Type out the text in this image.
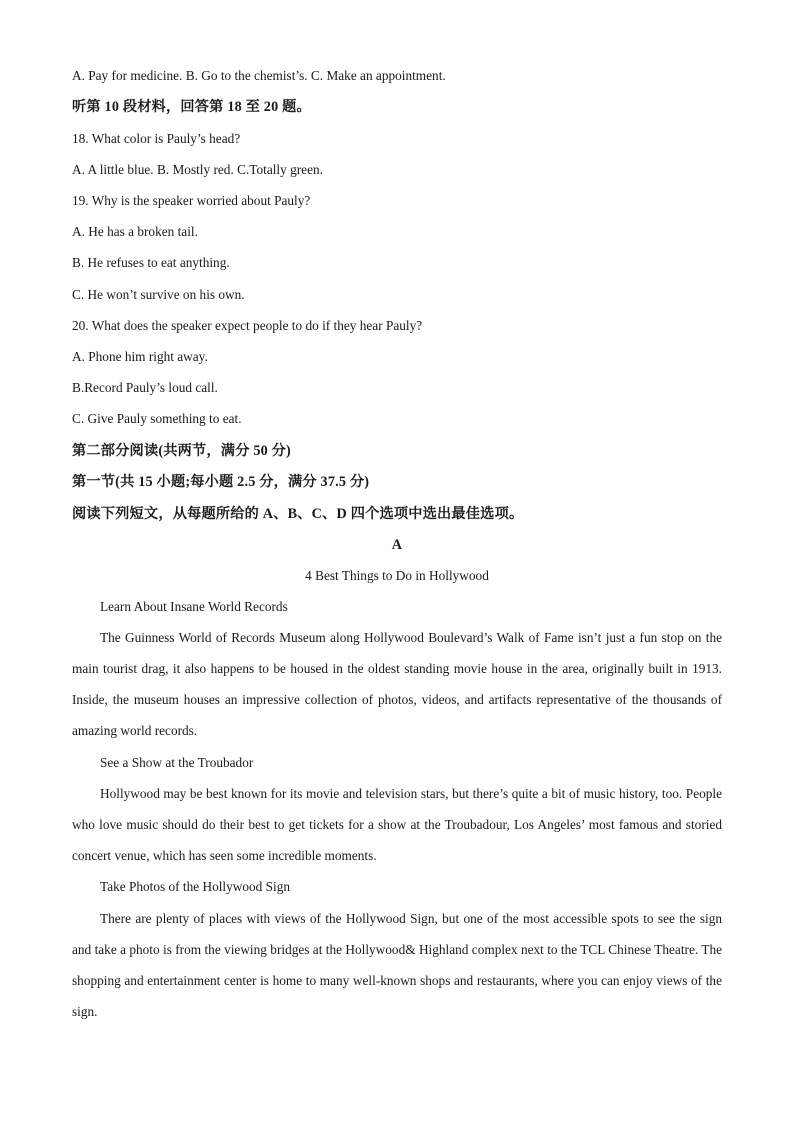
A. Pay for medicine. B. Go to the chemist’s. C. Make an appointment.
听第 10 段材料，回答第 18 至 20 题。
18. What color is Pauly’s head?
A. A little blue. B. Mostly red. C.Totally green.
19. Why is the speaker worried about Pauly?
A. He has a broken tail.
B. He refuses to eat anything.
C. He won’t survive on his own.
20. What does the speaker expect people to do if they hear Pauly?
A. Phone him right away.
B.Record Pauly’s loud call.
C. Give Pauly something to eat.
第二部分阅读(共两节，满分 50 分)
第一节(共 15 小题;每小题 2.5 分，满分 37.5 分)
阅读下列短文，从每题所给的 A、B、C、D 四个选项中选出最佳选项。
A
4 Best Things to Do in Hollywood
Learn About Insane World Records
The Guinness World of Records Museum along Hollywood Boulevard’s Walk of Fame isn’t just a fun stop on the main tourist drag, it also happens to be housed in the oldest standing movie house in the area, originally built in 1913. Inside, the museum houses an impressive collection of photos, videos, and artifacts representative of the thousands of amazing world records.
See a Show at the Troubador
Hollywood may be best known for its movie and television stars, but there’s quite a bit of music history, too. People who love music should do their best to get tickets for a show at the Troubadour, Los Angeles’ most famous and storied concert venue, which has seen some incredible moments.
Take Photos of the Hollywood Sign
There are plenty of places with views of the Hollywood Sign, but one of the most accessible spots to see the sign and take a photo is from the viewing bridges at the Hollywood& Highland complex next to the TCL Chinese Theatre. The shopping and entertainment center is home to many well-known shops and restaurants, where you can enjoy views of the sign.
